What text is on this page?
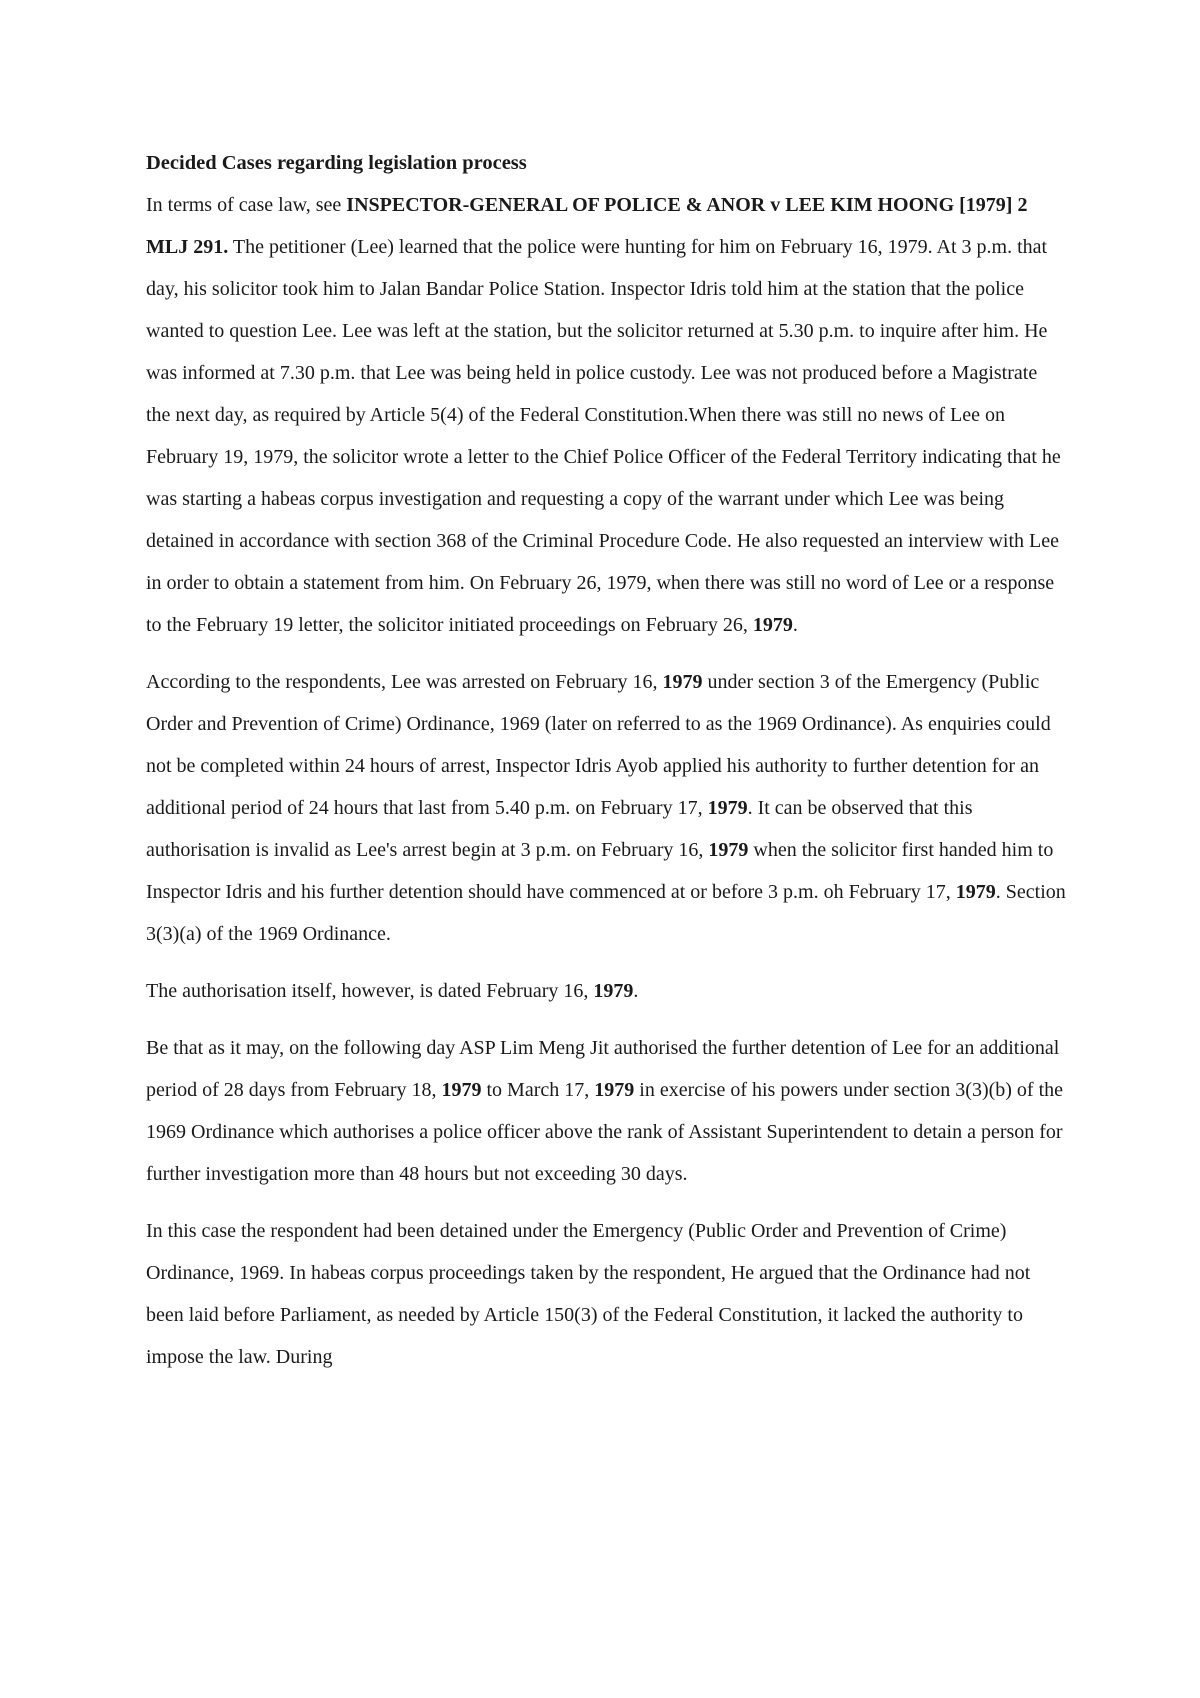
Decided Cases regarding legislation process

In terms of case law, see INSPECTOR-GENERAL OF POLICE & ANOR v LEE KIM HOONG [1979] 2 MLJ 291. The petitioner (Lee) learned that the police were hunting for him on February 16, 1979. At 3 p.m. that day, his solicitor took him to Jalan Bandar Police Station. Inspector Idris told him at the station that the police wanted to question Lee. Lee was left at the station, but the solicitor returned at 5.30 p.m. to inquire after him. He was informed at 7.30 p.m. that Lee was being held in police custody. Lee was not produced before a Magistrate the next day, as required by Article 5(4) of the Federal Constitution.When there was still no news of Lee on February 19, 1979, the solicitor wrote a letter to the Chief Police Officer of the Federal Territory indicating that he was starting a habeas corpus investigation and requesting a copy of the warrant under which Lee was being detained in accordance with section 368 of the Criminal Procedure Code. He also requested an interview with Lee in order to obtain a statement from him. On February 26, 1979, when there was still no word of Lee or a response to the February 19 letter, the solicitor initiated proceedings on February 26, 1979.

According to the respondents, Lee was arrested on February 16, 1979 under section 3 of the Emergency (Public Order and Prevention of Crime) Ordinance, 1969 (later on referred to as the 1969 Ordinance). As enquiries could not be completed within 24 hours of arrest, Inspector Idris Ayob applied his authority to further detention for an additional period of 24 hours that last from 5.40 p.m. on February 17, 1979. It can be observed that this authorisation is invalid as Lee's arrest begin at 3 p.m. on February 16, 1979 when the solicitor first handed him to Inspector Idris and his further detention should have commenced at or before 3 p.m. oh February 17, 1979. Section 3(3)(a) of the 1969 Ordinance.

The authorisation itself, however, is dated February 16, 1979.

Be that as it may, on the following day ASP Lim Meng Jit authorised the further detention of Lee for an additional period of 28 days from February 18, 1979 to March 17, 1979 in exercise of his powers under section 3(3)(b) of the 1969 Ordinance which authorises a police officer above the rank of Assistant Superintendent to detain a person for further investigation more than 48 hours but not exceeding 30 days.

In this case the respondent had been detained under the Emergency (Public Order and Prevention of Crime) Ordinance, 1969. In habeas corpus proceedings taken by the respondent, He argued that the Ordinance had not been laid before Parliament, as needed by Article 150(3) of the Federal Constitution, it lacked the authority to impose the law. During
